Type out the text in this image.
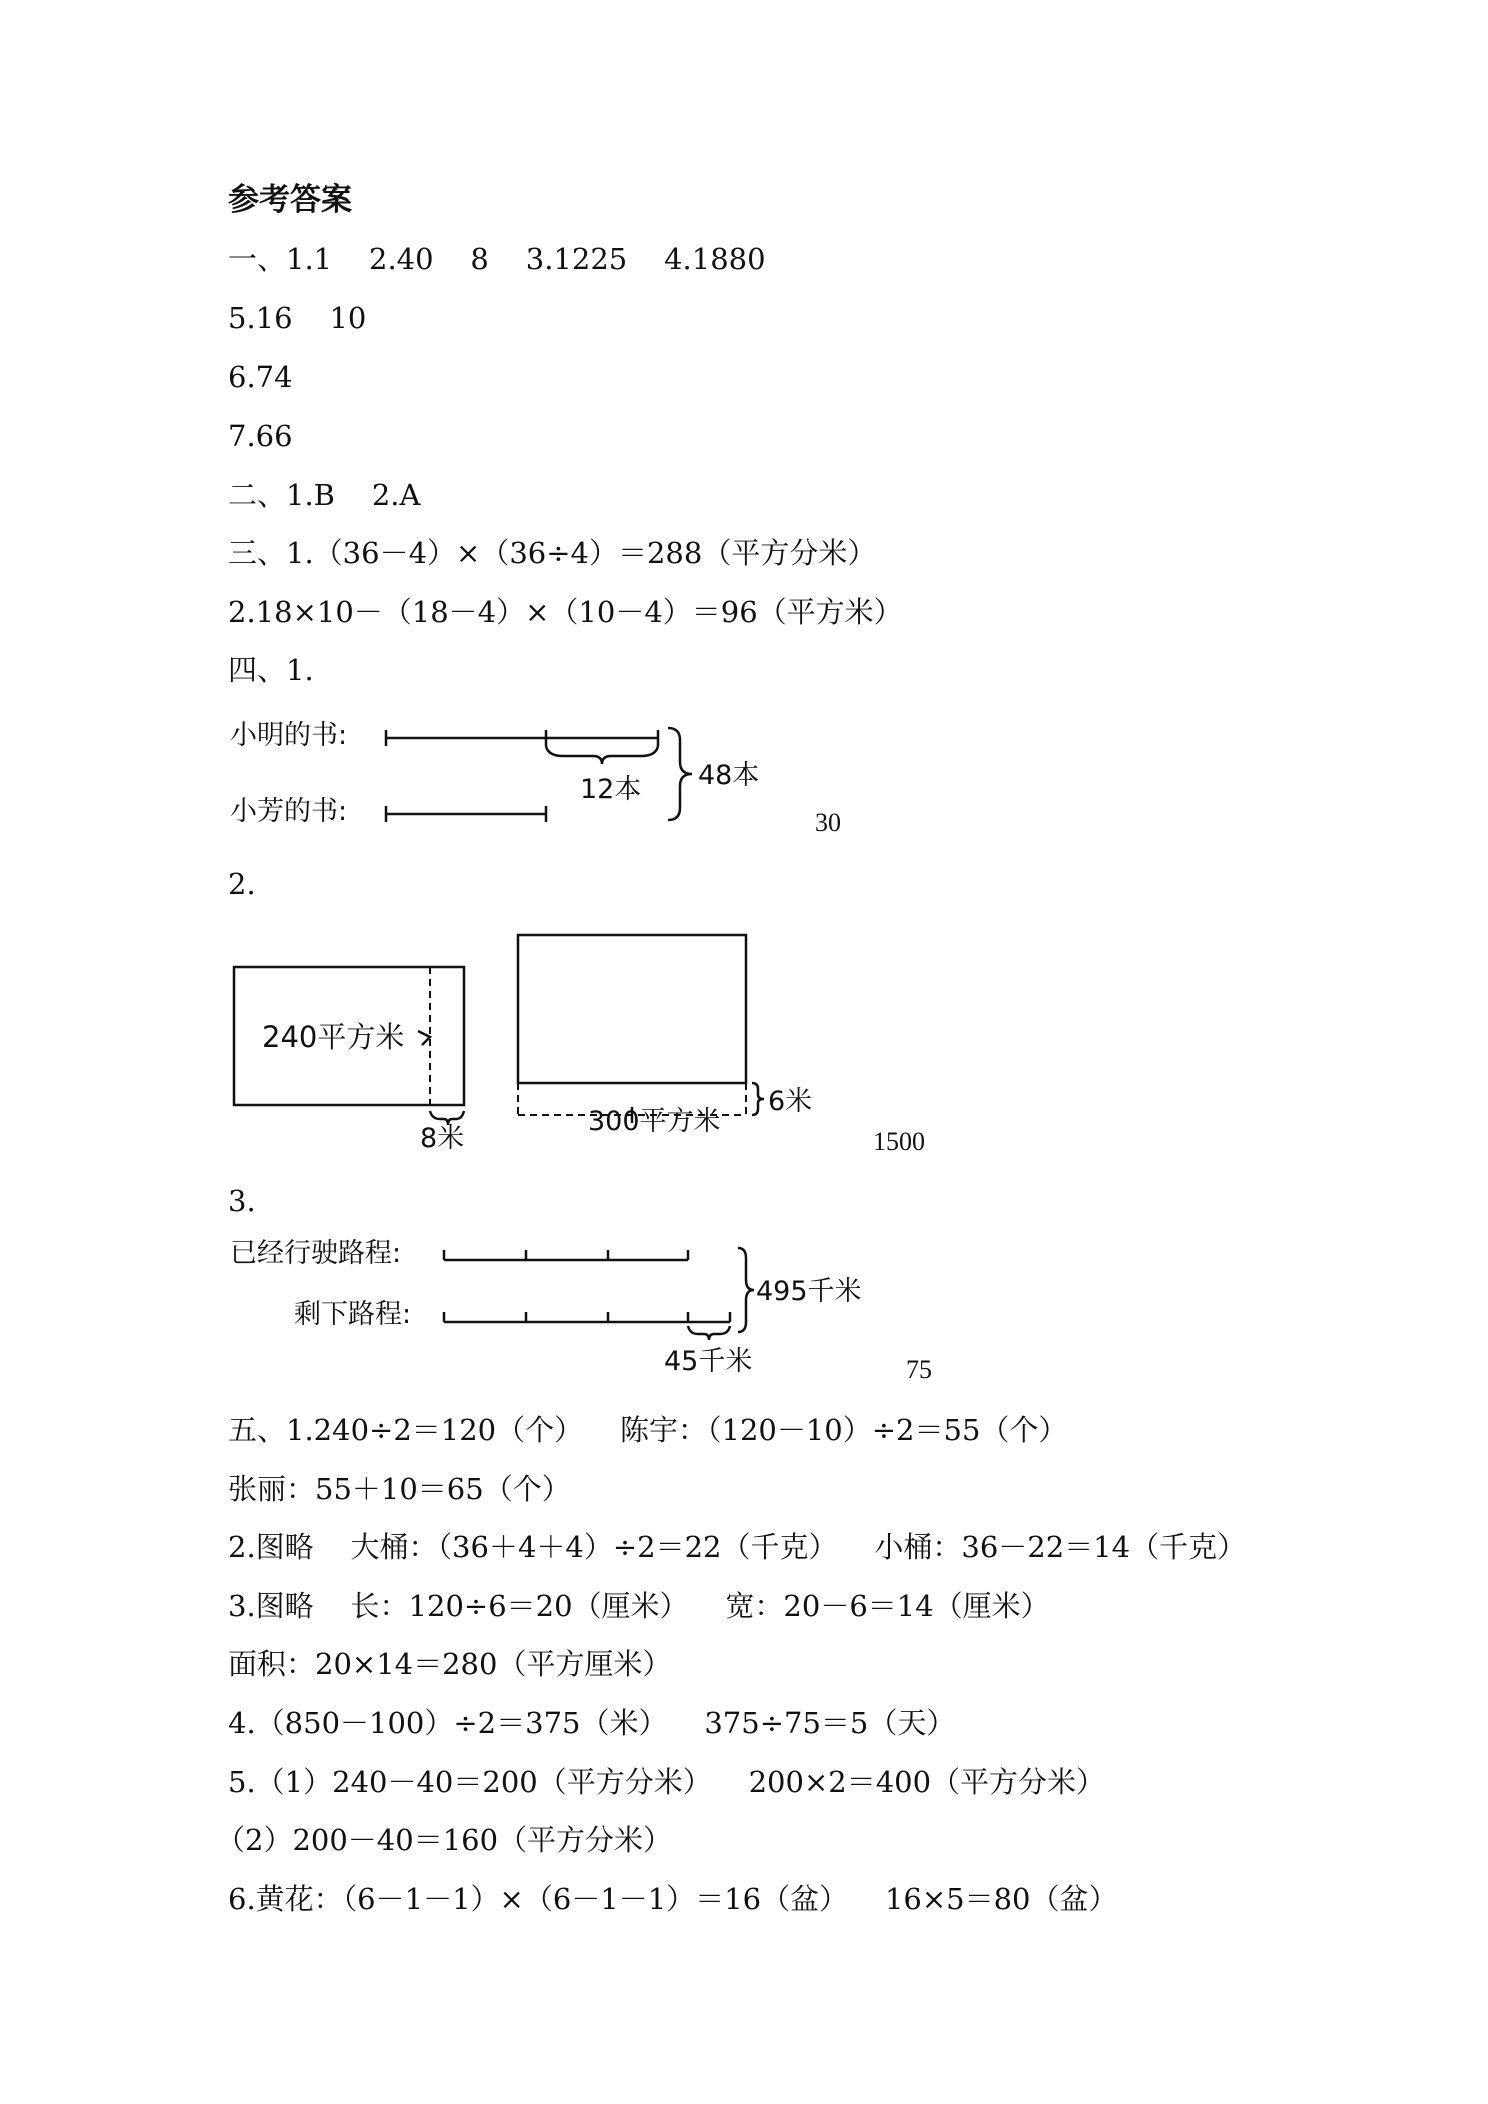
参考答案
一、1.1    2.40    8    3.1225    4.1880
5.16    10
6.74
7.66
二、1.B    2.A
三、1.（36－4）×（36÷4）＝288（平方分米）
2.18×10－（18－4）×（10－4）＝96（平方米）
四、1.
小明的书:
小芳的书:
12本 48本
30
2.
240平方米
8米
300平方米
6米
1500
3.
已经行驶路程:
剩下路程:
45千米
495千米
75
五、1.240÷2＝120（个）    陈宇：（120－10）÷2＝55（个）
张丽：55＋10＝65（个）
2.图略    大桶：（36＋4＋4）÷2＝22（千克）    小桶：36－22＝14（千克）
3.图略    长：120÷6＝20（厘米）    宽：20－6＝14（厘米）
面积：20×14＝280（平方厘米）
4.（850－100）÷2＝375（米）    375÷75＝5（天）
5.（1）240－40＝200（平方分米）    200×2＝400（平方分米）
（2）200－40＝160（平方分米）
6.黄花：（6－1－1）×（6－1－1）＝16（盆）    16×5＝80（盆）
